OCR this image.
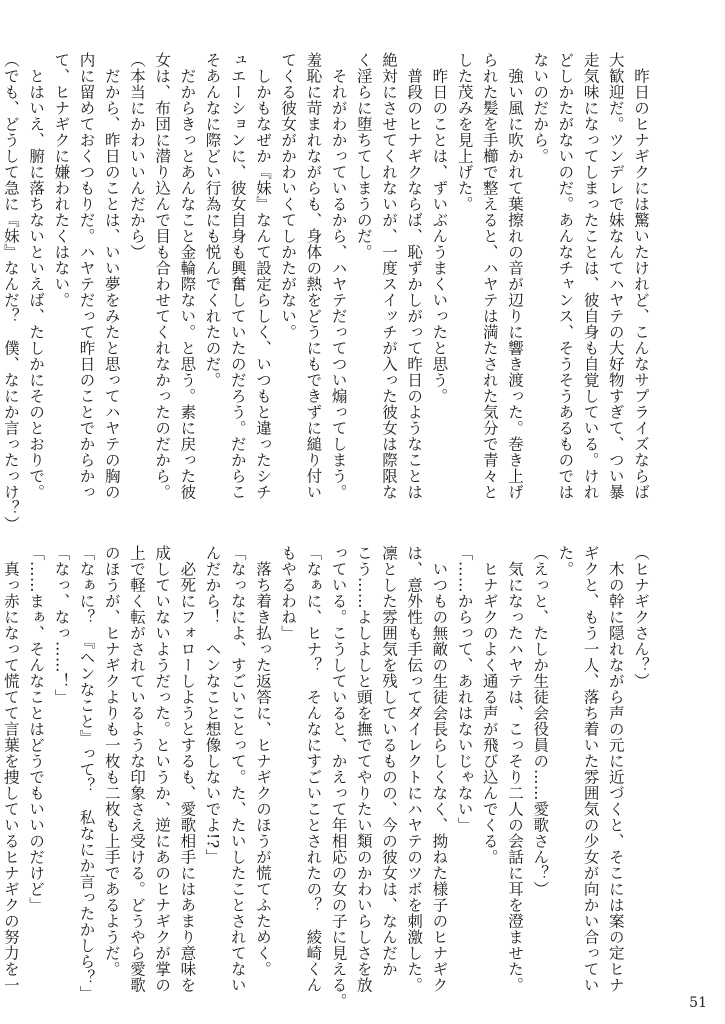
　昨日のヒナギクには驚いたけれど、こんなサプライズならば
大歓迎だ。ツンデレで妹なんてハヤテの大好物すぎて、つい暴
走気味になってしまったことは、彼自身も自覚している。けれ
どしかたがないのだ。あんなチャンス、そうそうあるものでは
ないのだから。
　強い風に吹かれて葉擦れの音が辺りに響き渡った。巻き上げ
られた髪を手櫛で整えると、ハヤテは満たされた気分で青々と
した茂みを見上げた。
　昨日のことは、ずいぶんうまくいったと思う。
　普段のヒナギクならば、恥ずかしがって昨日のようなことは
絶対にさせてくれないが、一度スイッチが入った彼女は際限な
く淫らに堕ちてしまうのだ。
　それがわかっているから、ハヤテだってつい煽ってしまう。
羞恥に苛まれながらも、身体の熱をどうにもできずに縋り付い
てくる彼女がかわいくてしかたがない。
　しかもなぜか『妹』なんて設定らしく、いつもと違ったシチ
ュエーションに、彼女自身も興奮していたのだろう。だからこ
そあんなに際どい行為にも悦んでくれたのだ。
　だからきっとあんなこと金輪際ない。と思う。素に戻った彼
女は、布団に潜り込んで目も合わせてくれなかったのだから。
（本当にかわいいんだから）
　だから、昨日のことは、いい夢をみたと思ってハヤテの胸の
内に留めておくつもりだ。ハヤテだって昨日のことでからかっ
て、ヒナギクに嫌われたくはない。
　とはいえ、腑に落ちないといえば、たしかにそのとおりで。
（でも、どうして急に『妹』なんだ？　僕、なにか言ったっけ？）
（ヒナギクさん？）
　木の幹に隠れながら声の元に近づくと、そこには案の定ヒナ
ギクと、もう一人、落ち着いた雰囲気の少女が向かい合ってい
た。
（えっと、たしか生徒会役員の……愛歌さん？）
　気になったハヤテは、こっそり二人の会話に耳を澄ませた。
　ヒナギクのよく通る声が飛び込んでくる。
「……からって、あれはないじゃない」
　いつもの無敵の生徒会長らしくなく、拗ねた様子のヒナギク
は、意外性も手伝ってダイレクトにハヤテのツボを刺激した。
凛とした雰囲気を残しているものの、今の彼女は、なんだか
こう……よしよしと頭を撫でてやりたい類のかわいらしさを放
っている。こうしていると、かえって年相応の女の子に見える。
「なぁに、ヒナ？　そんなにすごいことされたの？　綾崎くん
もやるわね」
　落ち着き払った返答に、ヒナギクのほうが慌てふためく。
「なっなによ、すごいことって。た、たいしたことされてない
んだから！　ヘンなこと想像しないでよ!?」
　必死にフォローしようとするも、愛歌相手にはあまり意味を
成していないようだった。というか、逆にあのヒナギクが掌の
上で軽く転がされているような印象さえ受ける。どうやら愛歌
のほうが、ヒナギクよりも一枚も二枚も上手であるようだ。
「なぁに？　『ヘンなこと』って？　私なにか言ったかしら？」
「なっ、なっ……！」
「……まぁ、そんなことはどうでもいいのだけど」
　真っ赤になって慌てて言葉を捜しているヒナギクの努力を一
51
